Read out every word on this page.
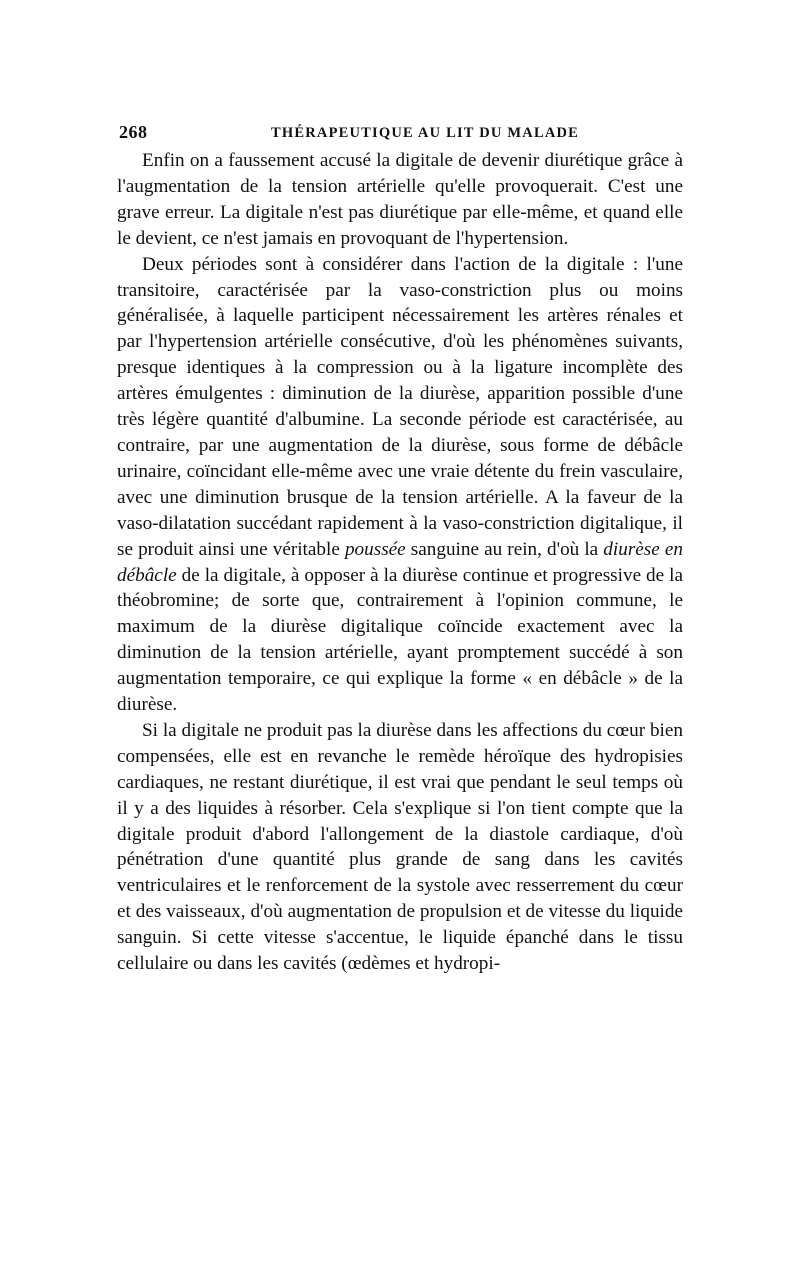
268	THÉRAPEUTIQUE AU LIT DU MALADE

Enfin on a faussement accusé la digitale de devenir diurétique grâce à l'augmentation de la tension artérielle qu'elle provoquerait. C'est une grave erreur. La digitale n'est pas diurétique par elle-même, et quand elle le devient, ce n'est jamais en provoquant de l'hypertension.

Deux périodes sont à considérer dans l'action de la digitale : l'une transitoire, caractérisée par la vaso-constriction plus ou moins généralisée, à laquelle participent nécessairement les artères rénales et par l'hypertension artérielle consécutive, d'où les phénomènes suivants, presque identiques à la compression ou à la ligature incomplète des artères émulgentes : diminution de la diurèse, apparition possible d'une très légère quantité d'albumine. La seconde période est caractérisée, au contraire, par une augmentation de la diurèse, sous forme de débâcle urinaire, coïncidant elle-même avec une vraie détente du frein vasculaire, avec une diminution brusque de la tension artérielle. A la faveur de la vaso-dilatation succédant rapidement à la vaso-constriction digitalique, il se produit ainsi une véritable poussée sanguine au rein, d'où la diurèse en débâcle de la digitale, à opposer à la diurèse continue et progressive de la théobromine; de sorte que, contrairement à l'opinion commune, le maximum de la diurèse digitalique coïncide exactement avec la diminution de la tension artérielle, ayant promptement succédé à son augmentation temporaire, ce qui explique la forme « en débâcle » de la diurèse.

Si la digitale ne produit pas la diurèse dans les affections du cœur bien compensées, elle est en revanche le remède héroïque des hydropisies cardiaques, ne restant diurétique, il est vrai que pendant le seul temps où il y a des liquides à résorber. Cela s'explique si l'on tient compte que la digitale produit d'abord l'allongement de la diastole cardiaque, d'où pénétration d'une quantité plus grande de sang dans les cavités ventriculaires et le renforcement de la systole avec resserrement du cœur et des vaisseaux, d'où augmentation de propulsion et de vitesse du liquide sanguin. Si cette vitesse s'accentue, le liquide épanché dans le tissu cellulaire ou dans les cavités (œdèmes et hydropi-
